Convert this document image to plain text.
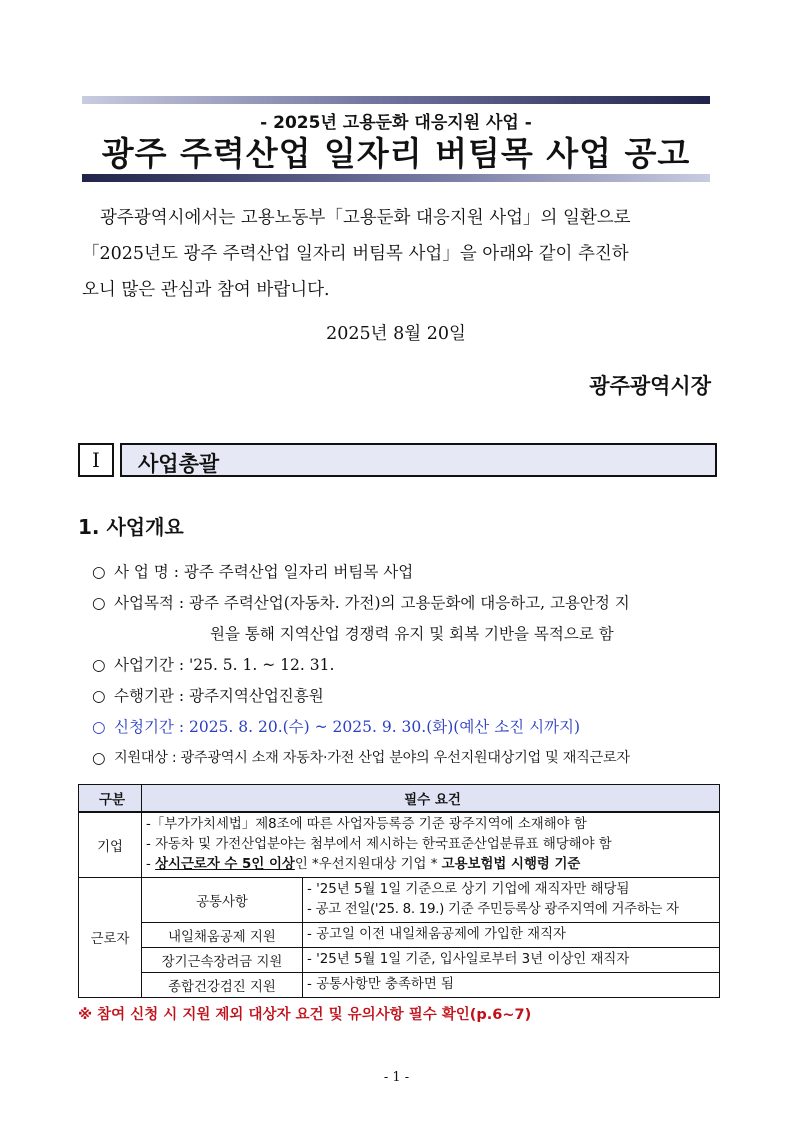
- 2025년 고용둔화 대응지원 사업 -
광주 주력산업 일자리 버팀목 사업 공고

광주광역시에서는 고용노동부「고용둔화 대응지원 사업」의 일환으로

「2025년도 광주 주력산업 일자리 버팀목 사업」을 아래와 같이 추진하

오니 많은 관심과 참여 바랍니다.

2025년 8월 20일
광주광역시장
Ⅰ	사업총괄
1. 사업개요
○ 사 업 명 : 광주 주력산업 일자리 버팀목 사업
○ 사업목적 : 광주 주력산업(자동차. 가전)의 고용둔화에 대응하고, 고용안정 지
원을 통해 지역산업 경쟁력 유지 및 회복 기반을 목적으로 함
○ 사업기간 : '25. 5. 1. ~ 12. 31.
○ 수행기관 : 광주지역산업진흥원
○ 신청기간 : 2025. 8. 20.(수) ~ 2025. 9. 30.(화)(예산 소진 시까지)
○ 지원대상 : 광주광역시 소재 자동차·가전 산업 분야의 우선지원대상기업 및 재직근로자
구분	필수 요건	
기업	-「부가가치세법」제8조에 따른 사업자등록증 기준 광주지역에 소재해야 함
- 자동차 및 가전산업분야는 첨부에서 제시하는 한국표준산업분류표 해당해야 함
- 상시근로자 수 5인 이상인 *우선지원대상 기업 * 고용보험법 시행령 기준	

근로자	공통사항	- '25년 5월 1일 기준으로 상기 기업에 재직자만 해당됨
- 공고 전일('25. 8. 19.) 기준 주민등록상 광주지역에 거주하는 자

	내일채움공제 지원	- 공고일 이전 내일채움공제에 가입한 재직자

	장기근속장려금 지원	- '25년 5월 1일 기준, 입사일로부터 3년 이상인 재직자

	종합건강검진 지원	- 공통사항만 충족하면 됨
※ 참여 신청 시 지원 제외 대상자 요건 및 유의사항 필수 확인(p.6~7)
- 1 -
